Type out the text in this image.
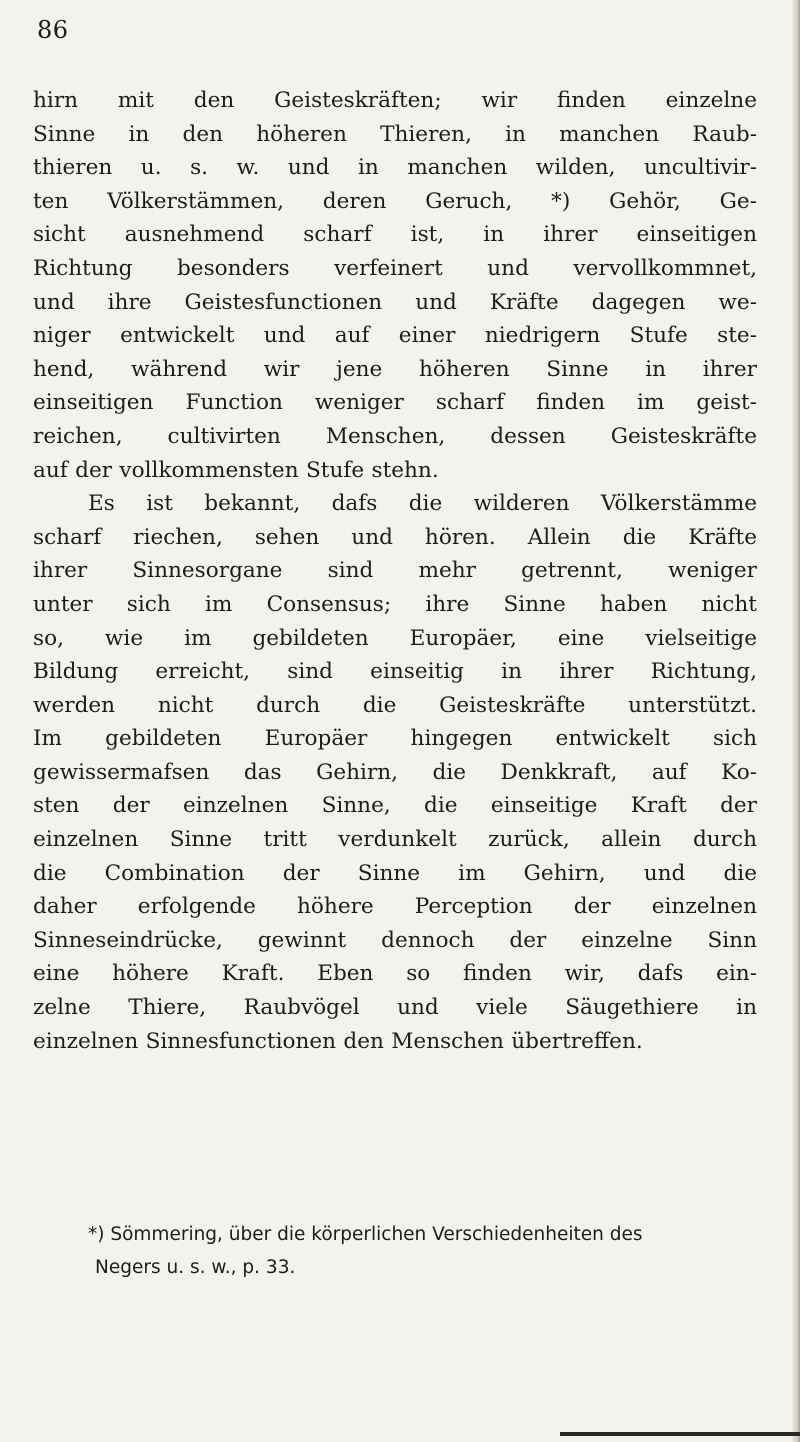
86
hirn mit den Geisteskräften; wir finden einzelne
Sinne in den höheren Thieren, in manchen Raub-
thieren u. s. w. und in manchen wilden, uncultivir-
ten Völkerstämmen, deren Geruch, *) Gehör, Ge-
sicht ausnehmend scharf ist, in ihrer einseitigen
Richtung besonders verfeinert und vervollkommnet,
und ihre Geistesfunctionen und Kräfte dagegen we-
niger entwickelt und auf einer niedrigern Stufe ste-
hend, während wir jene höheren Sinne in ihrer
einseitigen Function weniger scharf finden im geist-
reichen, cultivirten Menschen, dessen Geisteskräfte
auf der vollkommensten Stufe stehn.
Es ist bekannt, dafs die wilderen Völkerstämme
scharf riechen, sehen und hören. Allein die Kräfte
ihrer Sinnesorgane sind mehr getrennt, weniger
unter sich im Consensus; ihre Sinne haben nicht
so, wie im gebildeten Europäer, eine vielseitige
Bildung erreicht, sind einseitig in ihrer Richtung,
werden nicht durch die Geisteskräfte unterstützt.
Im gebildeten Europäer hingegen entwickelt sich
gewissermafsen das Gehirn, die Denkkraft, auf Ko-
sten der einzelnen Sinne, die einseitige Kraft der
einzelnen Sinne tritt verdunkelt zurück, allein durch
die Combination der Sinne im Gehirn, und die
daher erfolgende höhere Perception der einzelnen
Sinneseindrücke, gewinnt dennoch der einzelne Sinn
eine höhere Kraft. Eben so finden wir, dafs ein-
zelne Thiere, Raubvögel und viele Säugethiere in
einzelnen Sinnesfunctionen den Menschen übertreffen.
*) Sömmering, über die körperlichen Verschiedenheiten des
Negers u. s. w., p. 33.
